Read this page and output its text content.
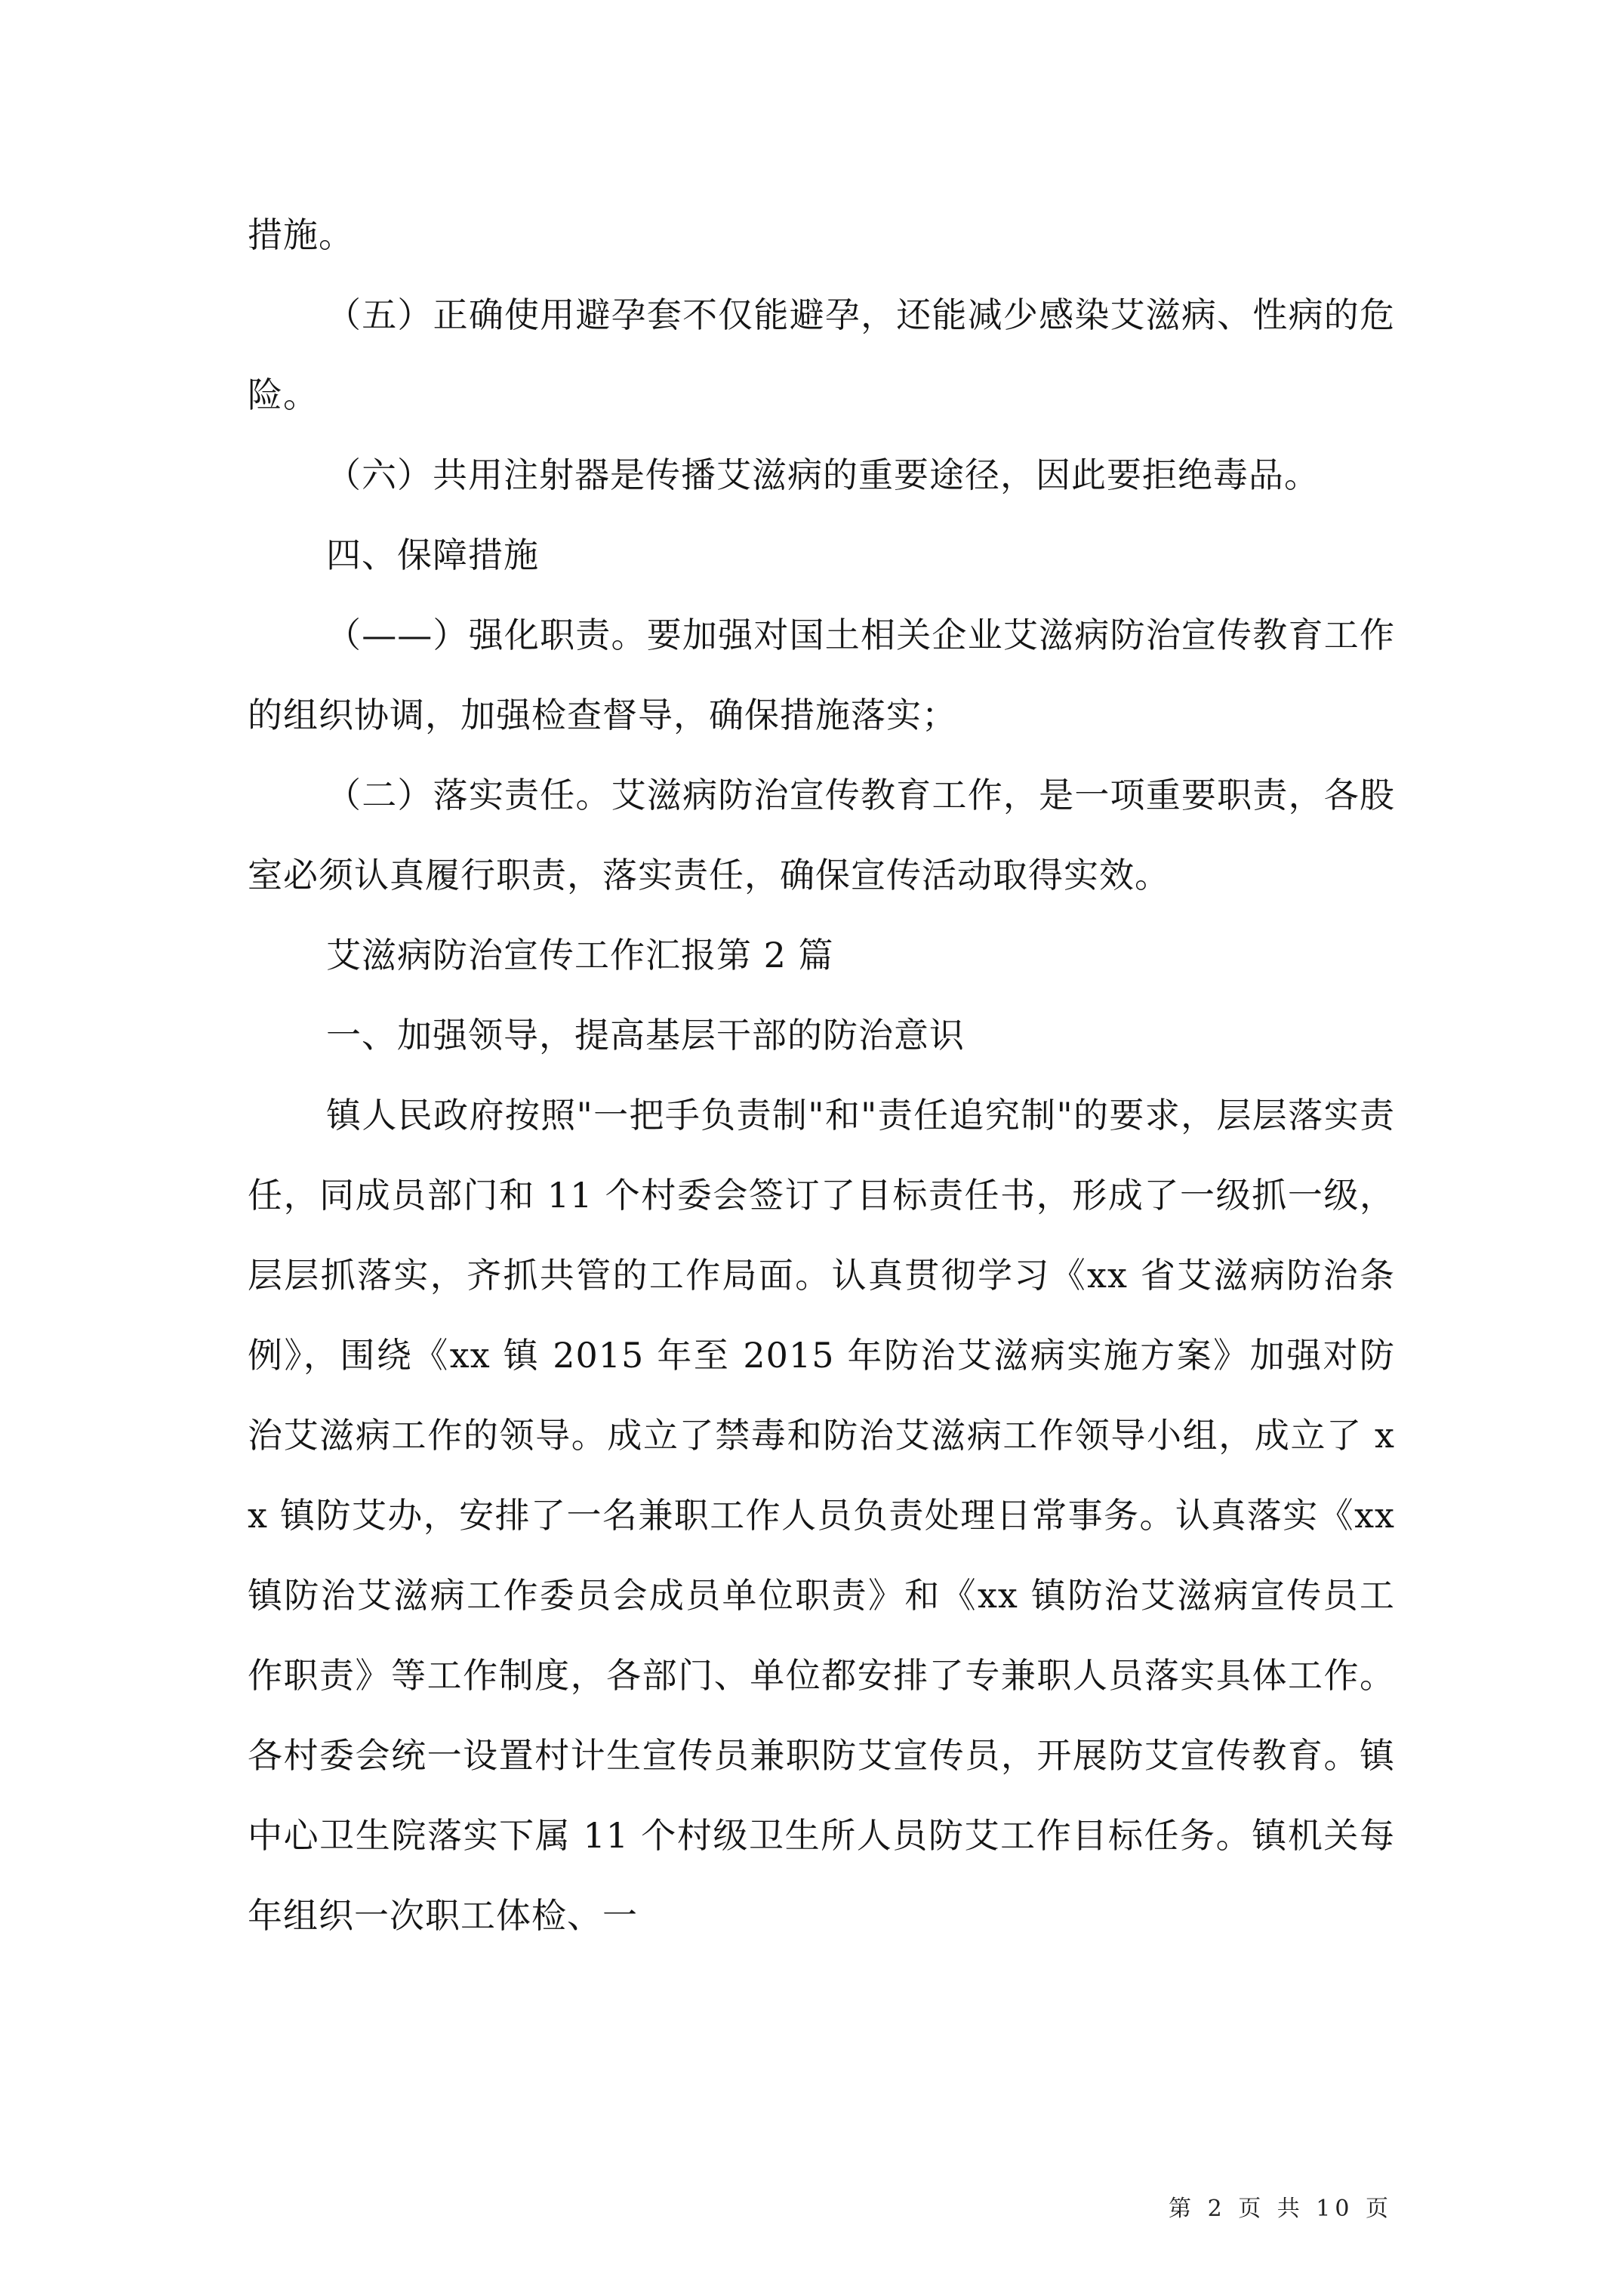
措施。

（五）正确使用避孕套不仅能避孕，还能减少感染艾滋病、性病的危险。

（六）共用注射器是传播艾滋病的重要途径，因此要拒绝毒品。

四、保障措施

（——）强化职责。要加强对国土相关企业艾滋病防治宣传教育工作的组织协调，加强检查督导，确保措施落实；

（二）落实责任。艾滋病防治宣传教育工作，是一项重要职责，各股室必须认真履行职责，落实责任，确保宣传活动取得实效。

艾滋病防治宣传工作汇报第 2 篇

一、加强领导，提高基层干部的防治意识

镇人民政府按照"一把手负责制"和"责任追究制"的要求，层层落实责任，同成员部门和 11 个村委会签订了目标责任书，形成了一级抓一级，层层抓落实，齐抓共管的工作局面。认真贯彻学习《xx 省艾滋病防治条例》，围绕《xx 镇 2015 年至 2015 年防治艾滋病实施方案》加强对防治艾滋病工作的领导。成立了禁毒和防治艾滋病工作领导小组，成立了 xx 镇防艾办，安排了一名兼职工作人员负责处理日常事务。认真落实《xx 镇防治艾滋病工作委员会成员单位职责》和《xx 镇防治艾滋病宣传员工作职责》等工作制度，各部门、单位都安排了专兼职人员落实具体工作。各村委会统一设置村计生宣传员兼职防艾宣传员，开展防艾宣传教育。镇中心卫生院落实下属 11 个村级卫生所人员防艾工作目标任务。镇机关每年组织一次职工体检、一

第 2 页 共 10 页
